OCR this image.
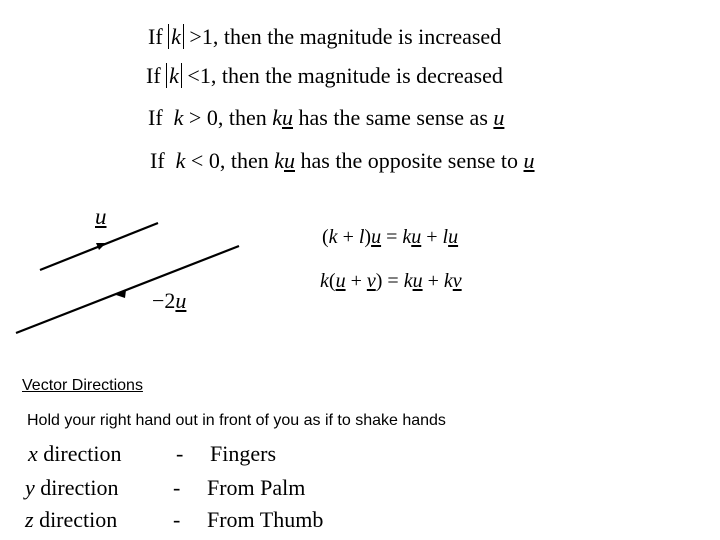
If k >1, then the magnitude is increased
If k <1, then the magnitude is decreased
If k > 0, then ku has the same sense as u
If k < 0, then ku has the opposite sense to u
u
−2u
(k + l)u = ku + lu
k(u + v) = ku + kv
Vector Directions
Hold your right hand out in front of you as if to shake hands
x direction - Fingers
y direction - From Palm
z direction	- From Thumb
